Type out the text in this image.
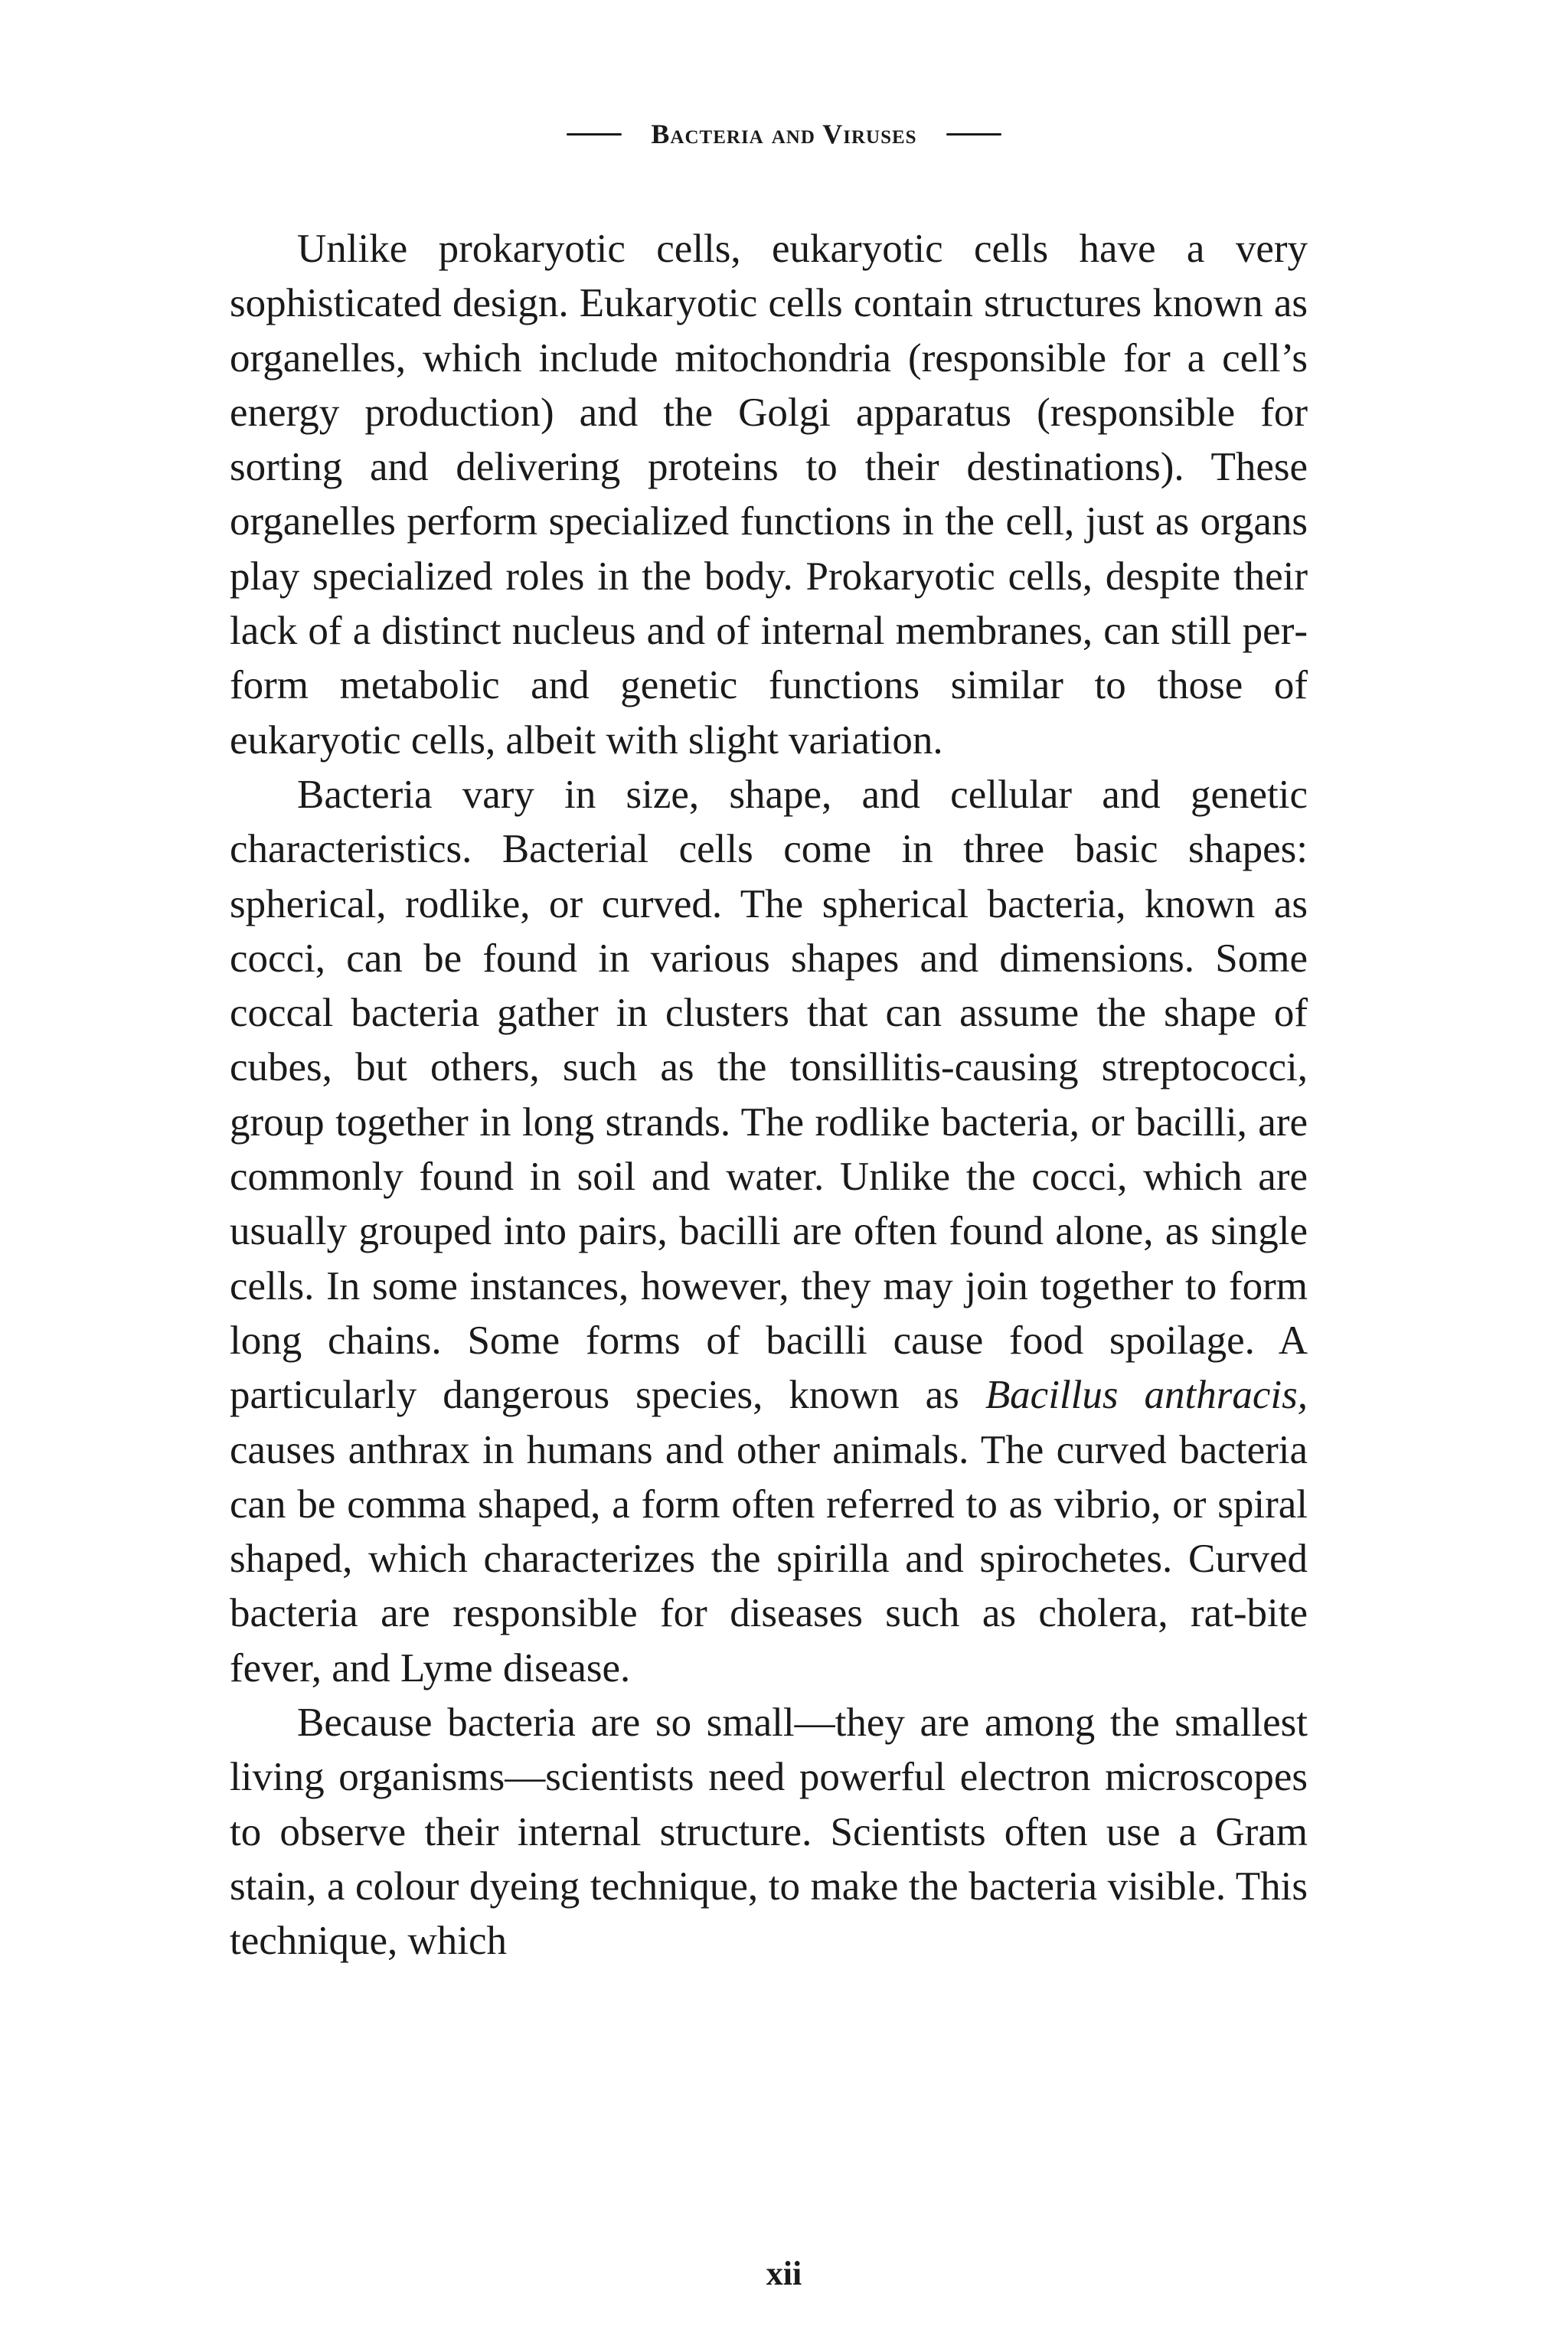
Bacteria and Viruses

Unlike prokaryotic cells, eukaryotic cells have a very sophisticated design. Eukaryotic cells contain structures known as organelles, which include mitochondria (responsible for a cell’s energy production) and the Golgi apparatus (responsible for sorting and delivering proteins to their destinations). These organelles perform specialized functions in the cell, just as organs play specialized roles in the body. Prokaryotic cells, despite their lack of a distinct nucleus and of internal membranes, can still perform metabolic and genetic functions similar to those of eukaryotic cells, albeit with slight variation.

Bacteria vary in size, shape, and cellular and genetic characteristics. Bacterial cells come in three basic shapes: spherical, rodlike, or curved. The spherical bacteria, known as cocci, can be found in various shapes and dimensions. Some coccal bacteria gather in clusters that can assume the shape of cubes, but others, such as the tonsillitis-causing streptococci, group together in long strands. The rodlike bacteria, or bacilli, are commonly found in soil and water. Unlike the cocci, which are usually grouped into pairs, bacilli are often found alone, as single cells. In some instances, however, they may join together to form long chains. Some forms of bacilli cause food spoilage. A particularly dangerous species, known as Bacillus anthracis, causes anthrax in humans and other animals. The curved bacteria can be comma shaped, a form often referred to as vibrio, or spiral shaped, which characterizes the spirilla and spirochetes. Curved bacteria are responsible for diseases such as cholera, rat-bite fever, and Lyme disease.

Because bacteria are so small—they are among the smallest living organisms—scientists need powerful electron microscopes to observe their internal structure. Scientists often use a Gram stain, a colour dyeing technique, to make the bacteria visible. This technique, which

xii
